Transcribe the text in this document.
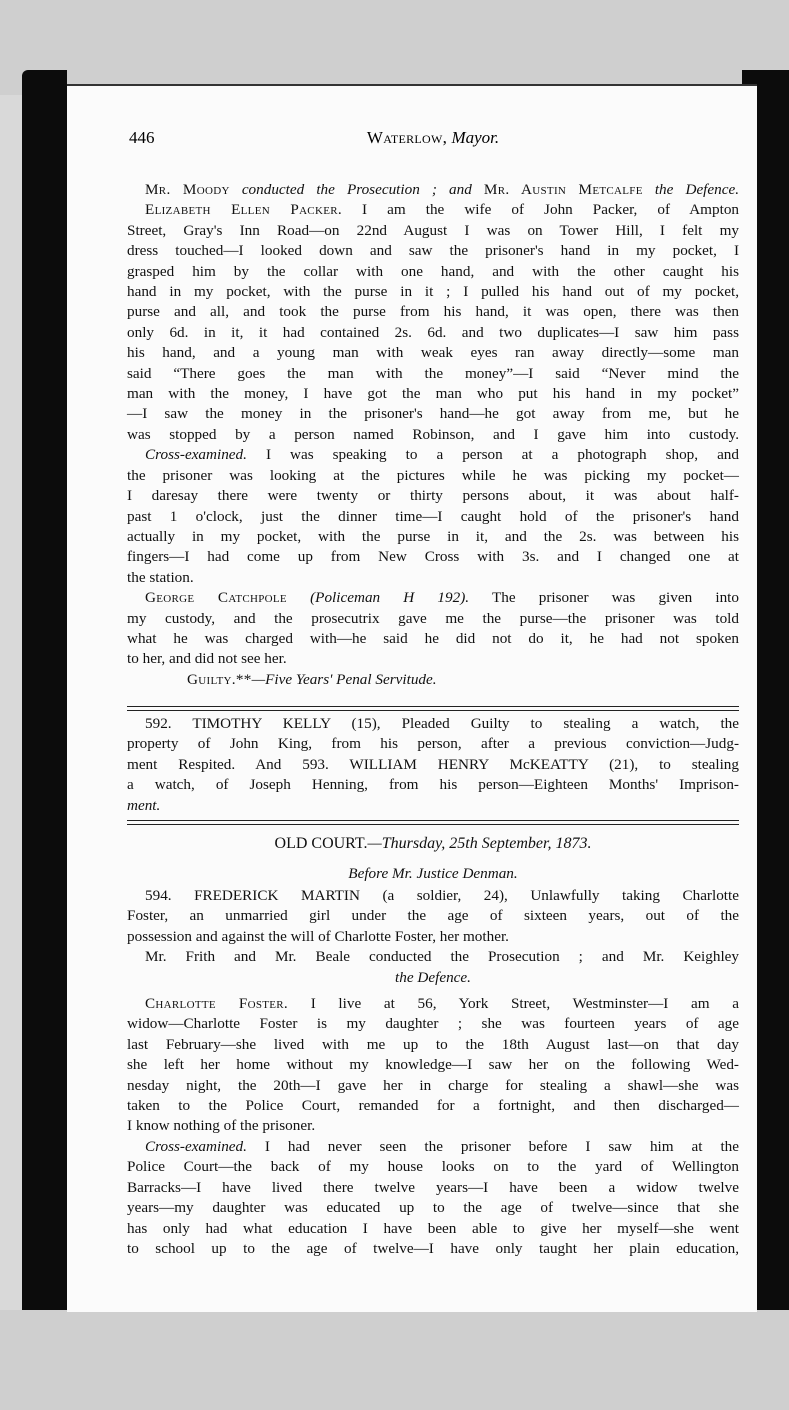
446	Waterlow, Mayor.
Mr. Moody conducted the Prosecution ; and Mr. Austin Metcalfe the Defence.
Elizabeth Ellen Packer. I am the wife of John Packer, of Ampton
Street, Gray's Inn Road—on 22nd August I was on Tower Hill, I felt my
dress touched—I looked down and saw the prisoner's hand in my pocket, I
grasped him by the collar with one hand, and with the other caught his
hand in my pocket, with the purse in it ; I pulled his hand out of my pocket,
purse and all, and took the purse from his hand, it was open, there was then
only 6d. in it, it had contained 2s. 6d. and two duplicates—I saw him pass
his hand, and a young man with weak eyes ran away directly—some man
said “There goes the man with the money”—I said “Never mind the
man with the money, I have got the man who put his hand in my pocket”
—I saw the money in the prisoner's hand—he got away from me, but he
was stopped by a person named Robinson, and I gave him into custody.
Cross-examined. I was speaking to a person at a photograph shop, and
the prisoner was looking at the pictures while he was picking my pocket—
I daresay there were twenty or thirty persons about, it was about half-
past 1 o'clock, just the dinner time—I caught hold of the prisoner's hand
actually in my pocket, with the purse in it, and the 2s. was between his
fingers—I had come up from New Cross with 3s. and I changed one at
the station.
George Catchpole (Policeman H 192). The prisoner was given into
my custody, and the prosecutrix gave me the purse—the prisoner was told
what he was charged with—he said he did not do it, he had not spoken
to her, and did not see her.
Guilty.**—Five Years' Penal Servitude.
592. TIMOTHY KELLY (15), Pleaded Guilty to stealing a watch, the
property of John King, from his person, after a previous conviction—Judg-
ment Respited. And 593. WILLIAM HENRY McKEATTY (21), to stealing
a watch, of Joseph Henning, from his person—Eighteen Months' Imprison-
ment.
OLD COURT.—Thursday, 25th September, 1873.
Before Mr. Justice Denman.
594. FREDERICK MARTIN (a soldier, 24), Unlawfully taking Charlotte
Foster, an unmarried girl under the age of sixteen years, out of the
possession and against the will of Charlotte Foster, her mother.
Mr. Frith and Mr. Beale conducted the Prosecution ; and Mr. Keighley
the Defence.
Charlotte Foster. I live at 56, York Street, Westminster—I am a
widow—Charlotte Foster is my daughter ; she was fourteen years of age
last February—she lived with me up to the 18th August last—on that day
she left her home without my knowledge—I saw her on the following Wed-
nesday night, the 20th—I gave her in charge for stealing a shawl—she was
taken to the Police Court, remanded for a fortnight, and then discharged—
I know nothing of the prisoner.
Cross-examined. I had never seen the prisoner before I saw him at the
Police Court—the back of my house looks on to the yard of Wellington
Barracks—I have lived there twelve years—I have been a widow twelve
years—my daughter was educated up to the age of twelve—since that she
has only had what education I have been able to give her myself—she went
to school up to the age of twelve—I have only taught her plain education,
